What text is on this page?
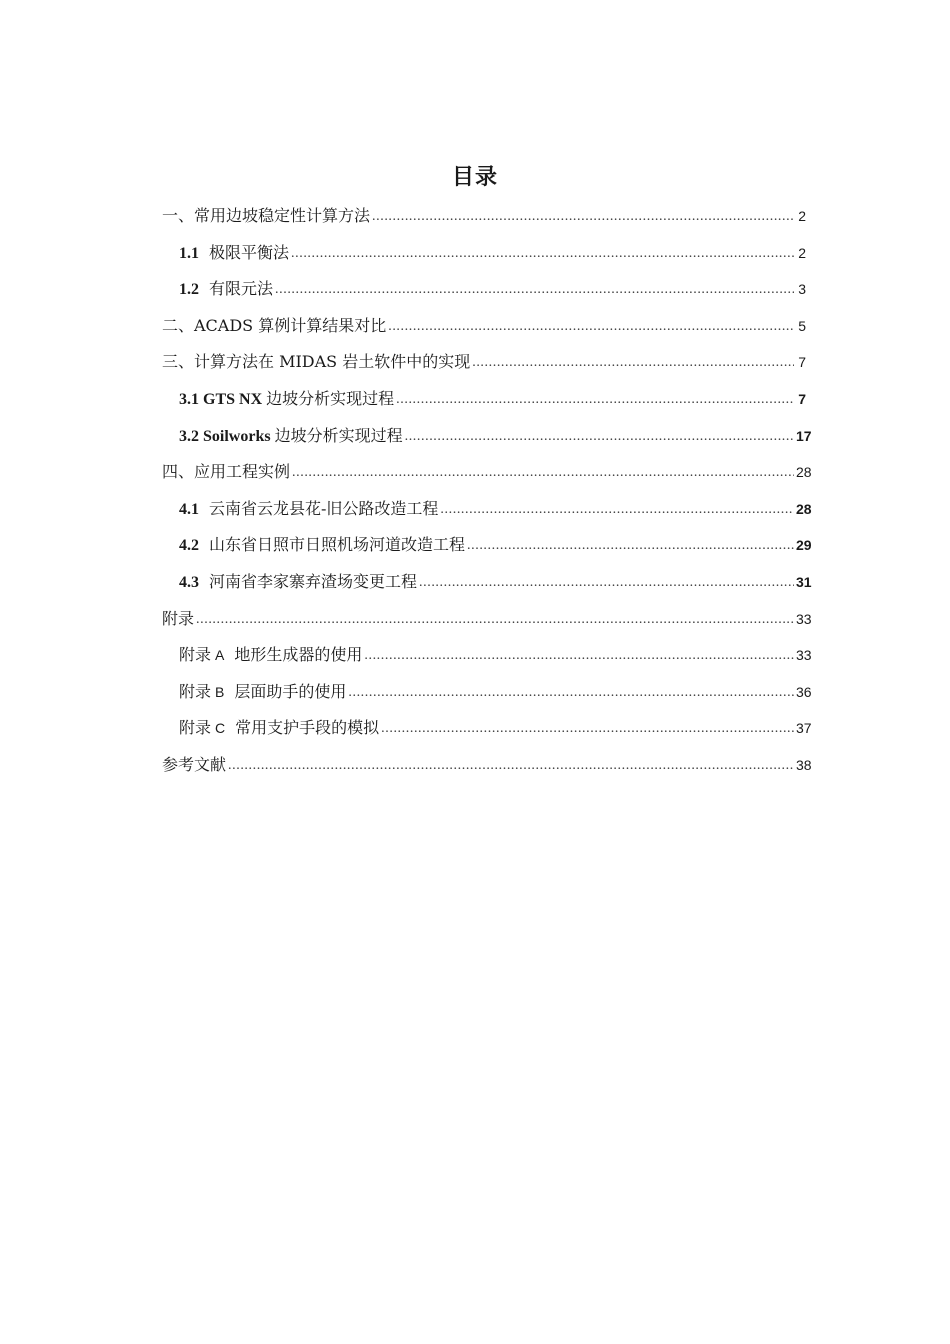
目录
一、常用边坡稳定性计算方法 .....	2
1.1 极限平衡法 .....	2
1.2 有限元法 .....	3
二、ACADS 算例计算结果对比 .....	5
三、计算方法在 MIDAS 岩土软件中的实现 .....	7
3.1 GTS NX 边坡分析实现过程 .....	7
3.2 Soilworks 边坡分析实现过程 .....	17
四、应用工程实例 .....	28
4.1 云南省云龙县花-旧公路改造工程 .....	28
4.2 山东省日照市日照机场河道改造工程 .....	29
4.3 河南省李家寨弃渣场变更工程 .....	31
附录 .....	33
附录 A 地形生成器的使用 .....	33
附录 B 层面助手的使用 .....	36
附录 C 常用支护手段的模拟 .....	37
参考文献 .....	38
